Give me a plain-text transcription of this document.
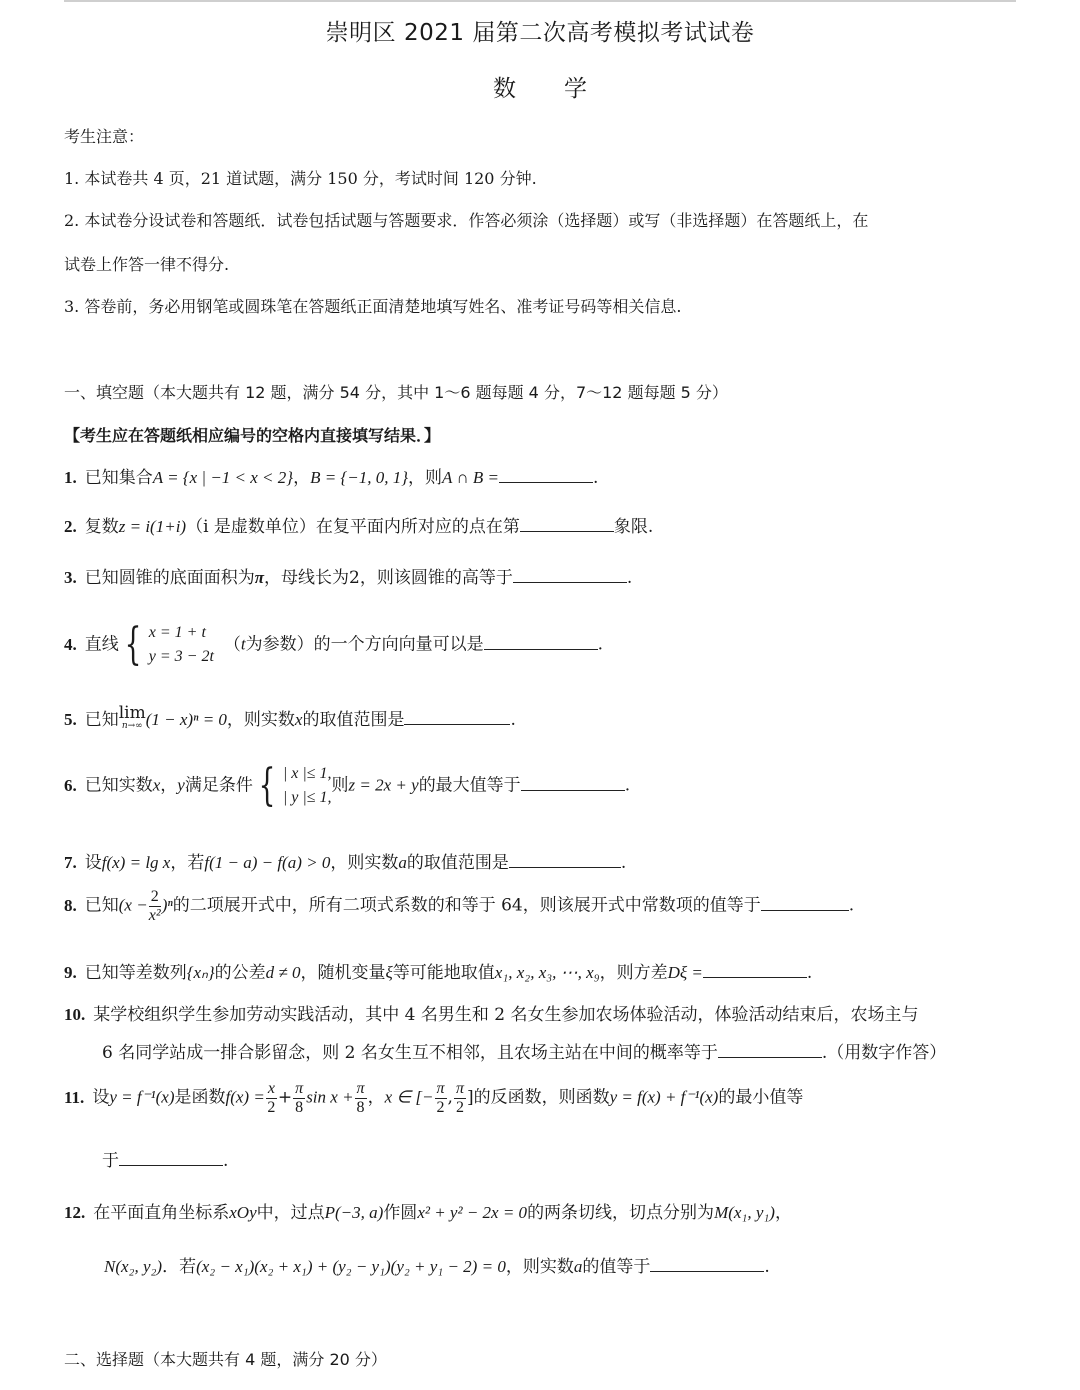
崇明区 2021 届第二次高考模拟考试试卷
数 学
考生注意：
1. 本试卷共 4 页，21 道试题，满分 150 分，考试时间 120 分钟.
2. 本试卷分设试卷和答题纸．试卷包括试题与答题要求．作答必须涂（选择题）或写（非选择题）在答题纸上，在
试卷上作答一律不得分.
3. 答卷前，务必用钢笔或圆珠笔在答题纸正面清楚地填写姓名、准考证号码等相关信息.
一、填空题（本大题共有 12 题，满分 54 分，其中 1～6 题每题 4 分，7～12 题每题 5 分）
【考生应在答题纸相应编号的空格内直接填写结果．】
1. 已知集合A = {x | −1 < x < 2}，B = {−1, 0, 1}，则A ∩ B =	.
2. 复数z = i(1+i)（i 是虚数单位）在复平面内所对应的点在第	象限.
3. 已知圆锥的底面面积为π，母线长为2，则该圆锥的高等于	.
4. 直线 { x = 1 + t
y = 3 − 2t
（t为参数）的一个方向向量可以是	.
5. 已知 lim
n→∞ (1 − x)ⁿ = 0，则实数x的取值范围是	.
6. 已知实数x，y满足条件 { | x |≤ 1,
| y |≤ 1,
则z = 2x + y的最大值等于	.
7. 设f(x) = lg x，若f(1 − a) − f(a) > 0，则实数a的取值范围是	.
8. 已知$(x - \frac{2}{\text{x²}} )^n$的二项展开式中，所有二项式系数的和等于 64，则该展开式中常数项的值等于	.
9. 已知等差数列{xₙ}的公差d ≠ 0，随机变量ξ等可能地取值x₁, x₂, x₃, ⋯, x₉，则方差Dξ =	.
10. 某学校组织学生参加劳动实践活动，其中 4 名男生和 2 名女生参加农场体验活动，体验活动结束后，农场主与
6 名同学站成一排合影留念，则 2 名女生互不相邻，且农场主站在中间的概率等于	.（用数字作答）
11. 设y = f⁻¹(x)是函数$f(x) = \frac{x}{2} + \frac{\pi}{8}$ $\sin x + \frac{\pi}{8}$ ，x ∈ [− $\frac{\pi}{2}$ , $\frac{\pi}{2}$ ]的反函数，则函数y = f(x) + f⁻¹(x)的最小值等
于	.
12. 在平面直角坐标系xOy中，过点P(−3, a)作圆x² + y² − 2x = 0的两条切线，切点分别为M(x₁, y₁)，
N(x₂, y₂)．若(x₂ − x₁)(x₂ + x₁) + (y₂ − y₁)(y₂ + y₁ − 2) = 0，则实数a的值等于	.
二、选择题（本大题共有 4 题，满分 20 分）
